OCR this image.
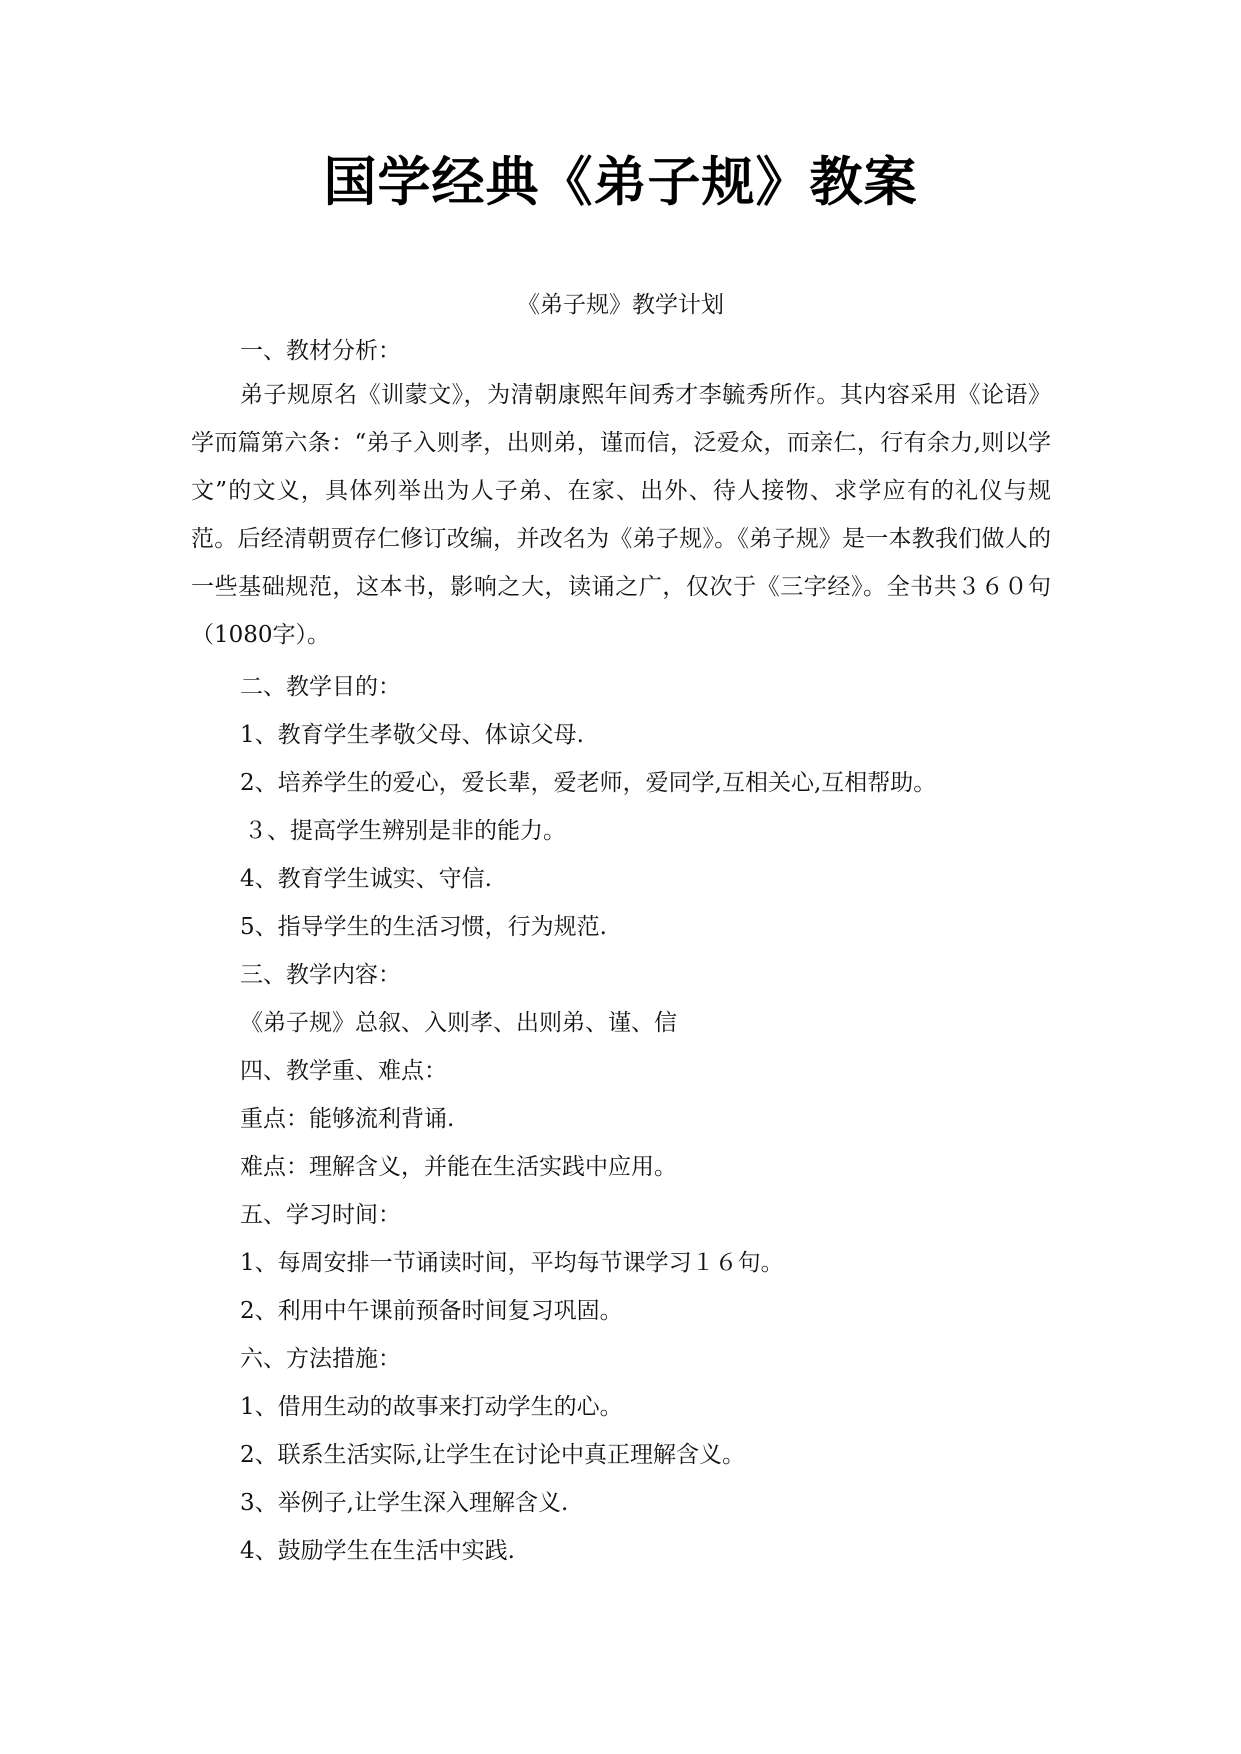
国学经典《弟子规》教案
《弟子规》教学计划
一、教材分析：
弟子规原名《训蒙文》，为清朝康熙年间秀才李毓秀所作。其内容采用《论语》学而篇第六条：“弟子入则孝，出则弟，谨而信，泛爱众，而亲仁，行有余力,则以学文”的文义，具体列举出为人子弟、在家、出外、待人接物、求学应有的礼仪与规范。后经清朝贾存仁修订改编，并改名为《弟子规》。《弟子规》是一本教我们做人的一些基础规范，这本书，影响之大，读诵之广，仅次于《三字经》。全书共３６０句（1080字）。
二、教学目的：
1、教育学生孝敬父母、体谅父母.
2、培养学生的爱心，爱长辈，爱老师，爱同学,互相关心,互相帮助。
３、提高学生辨别是非的能力。
4、教育学生诚实、守信.
5、指导学生的生活习惯，行为规范.
三、教学内容：
《弟子规》总叙、入则孝、出则弟、谨、信
四、教学重、难点：
重点：能够流利背诵.
难点：理解含义，并能在生活实践中应用。
五、学习时间：
1、每周安排一节诵读时间，平均每节课学习１６句。
2、利用中午课前预备时间复习巩固。
六、方法措施：
1、借用生动的故事来打动学生的心。
2、联系生活实际,让学生在讨论中真正理解含义。
3、举例子,让学生深入理解含义.
4、鼓励学生在生活中实践.
